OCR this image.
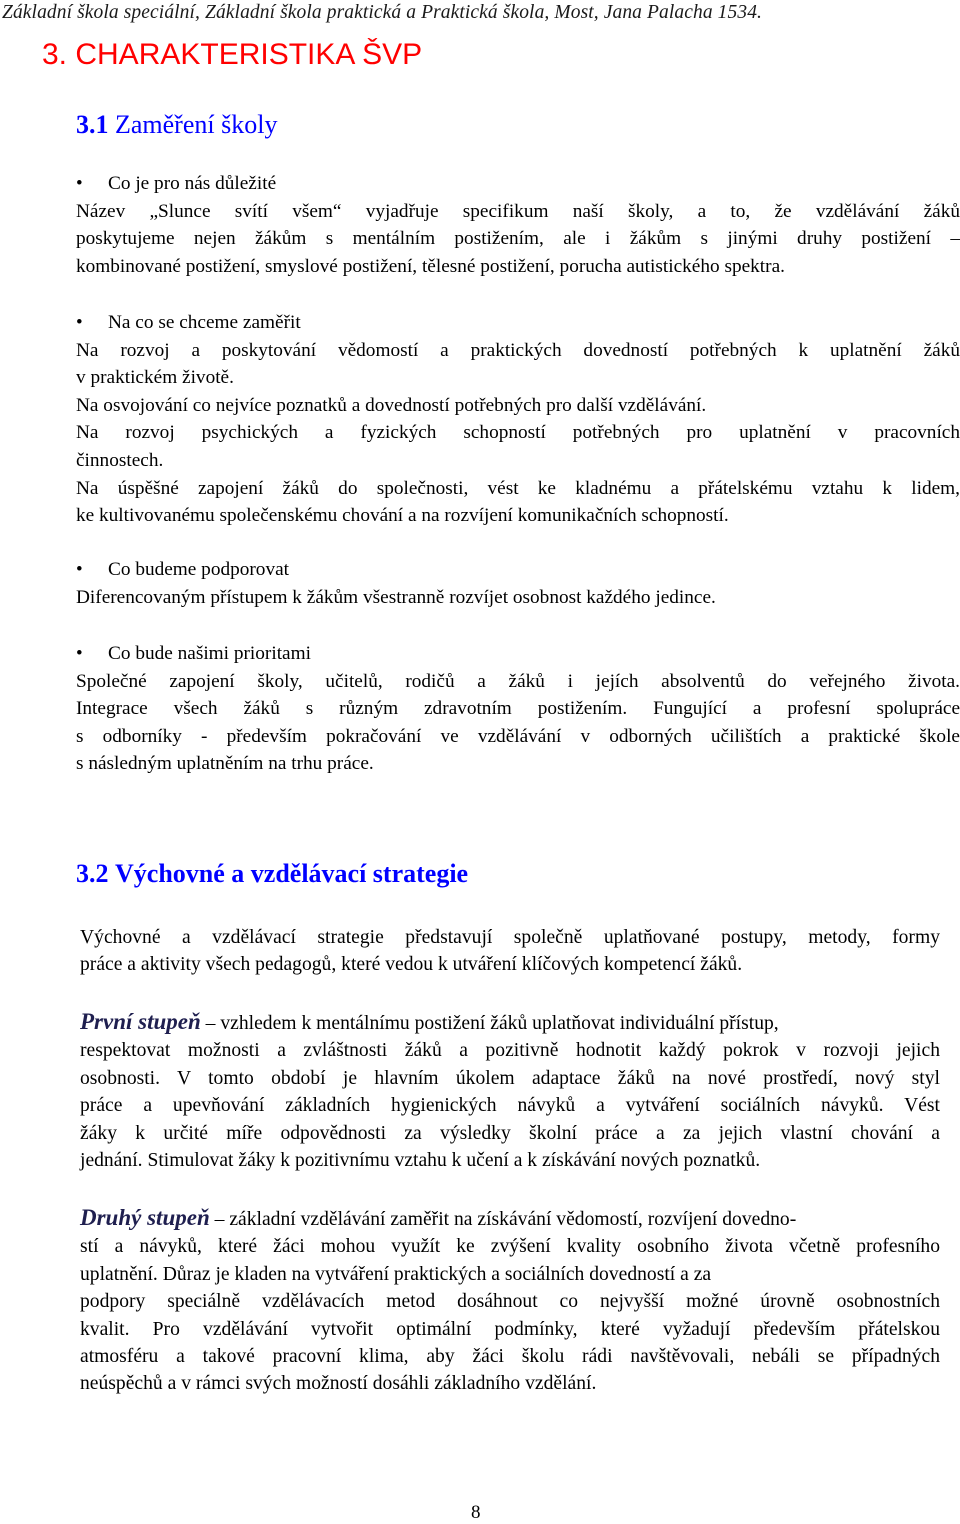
Základní škola speciální, Základní škola praktická a Praktická škola, Most, Jana Palacha 1534.
3. CHARAKTERISTIKA ŠVP
3.1 Zaměření školy
• Co je pro nás důležité
Název „Slunce svítí všem“ vyjadřuje specifikum naší školy, a to, že vzdělávání žáků
poskytujeme nejen žákům s mentálním postižením, ale i žákům s jinými druhy postižení –
kombinované postižení, smyslové postižení, tělesné postižení, porucha autistického spektra.
• Na co se chceme zaměřit
Na rozvoj a poskytování vědomostí a praktických dovedností potřebných k uplatnění žáků
v praktickém životě.
Na osvojování co nejvíce poznatků a dovedností potřebných pro další vzdělávání.
Na rozvoj psychických a fyzických schopností potřebných pro uplatnění v pracovních
činnostech.
Na úspěšné zapojení žáků do společnosti, vést ke kladnému a přátelskému vztahu k lidem,
ke kultivovanému společenskému chování a na rozvíjení komunikačních schopností.
• Co budeme podporovat
Diferencovaným přístupem k žákům všestranně rozvíjet osobnost každého jedince.
• Co bude našimi prioritami
Společné zapojení školy, učitelů, rodičů a žáků i jejích absolventů do veřejného života.
Integrace všech žáků s různým zdravotním postižením. Fungující a profesní spolupráce
s odborníky - především pokračování ve vzdělávání v odborných učilištích a praktické škole
s následným uplatněním na trhu práce.
3.2 Výchovné a vzdělávací strategie
Výchovné a vzdělávací strategie představují společně uplatňované postupy, metody, formy
práce a aktivity všech pedagogů, které vedou k utváření klíčových kompetencí žáků.
První stupeň – vzhledem k mentálnímu postižení žáků uplatňovat individuální přístup,
respektovat možnosti a zvláštnosti žáků a pozitivně hodnotit každý pokrok v rozvoji jejich
osobnosti. V tomto období je hlavním úkolem adaptace žáků na nové prostředí, nový styl
práce a upevňování základních hygienických návyků a vytváření sociálních návyků. Vést
žáky k určité míře odpovědnosti za výsledky školní práce a za jejich vlastní chování a
jednání. Stimulovat žáky k pozitivnímu vztahu k učení a k získávání nových poznatků.
Druhý stupeň – základní vzdělávání zaměřit na získávání vědomostí, rozvíjení dovedno-
stí a návyků, které žáci mohou využít ke zvýšení kvality osobního života včetně profesního
uplatnění. Důraz je kladen na vytváření praktických a sociálních dovedností a za
podpory speciálně vzdělávacích metod dosáhnout co nejvyšší možné úrovně osobnostních
kvalit. Pro vzdělávání vytvořit optimální podmínky, které vyžadují především přátelskou
atmosféru a takové pracovní klima, aby žáci školu rádi navštěvovali, nebáli se případných
neúspěchů a v rámci svých možností dosáhli základního vzdělání.
8
